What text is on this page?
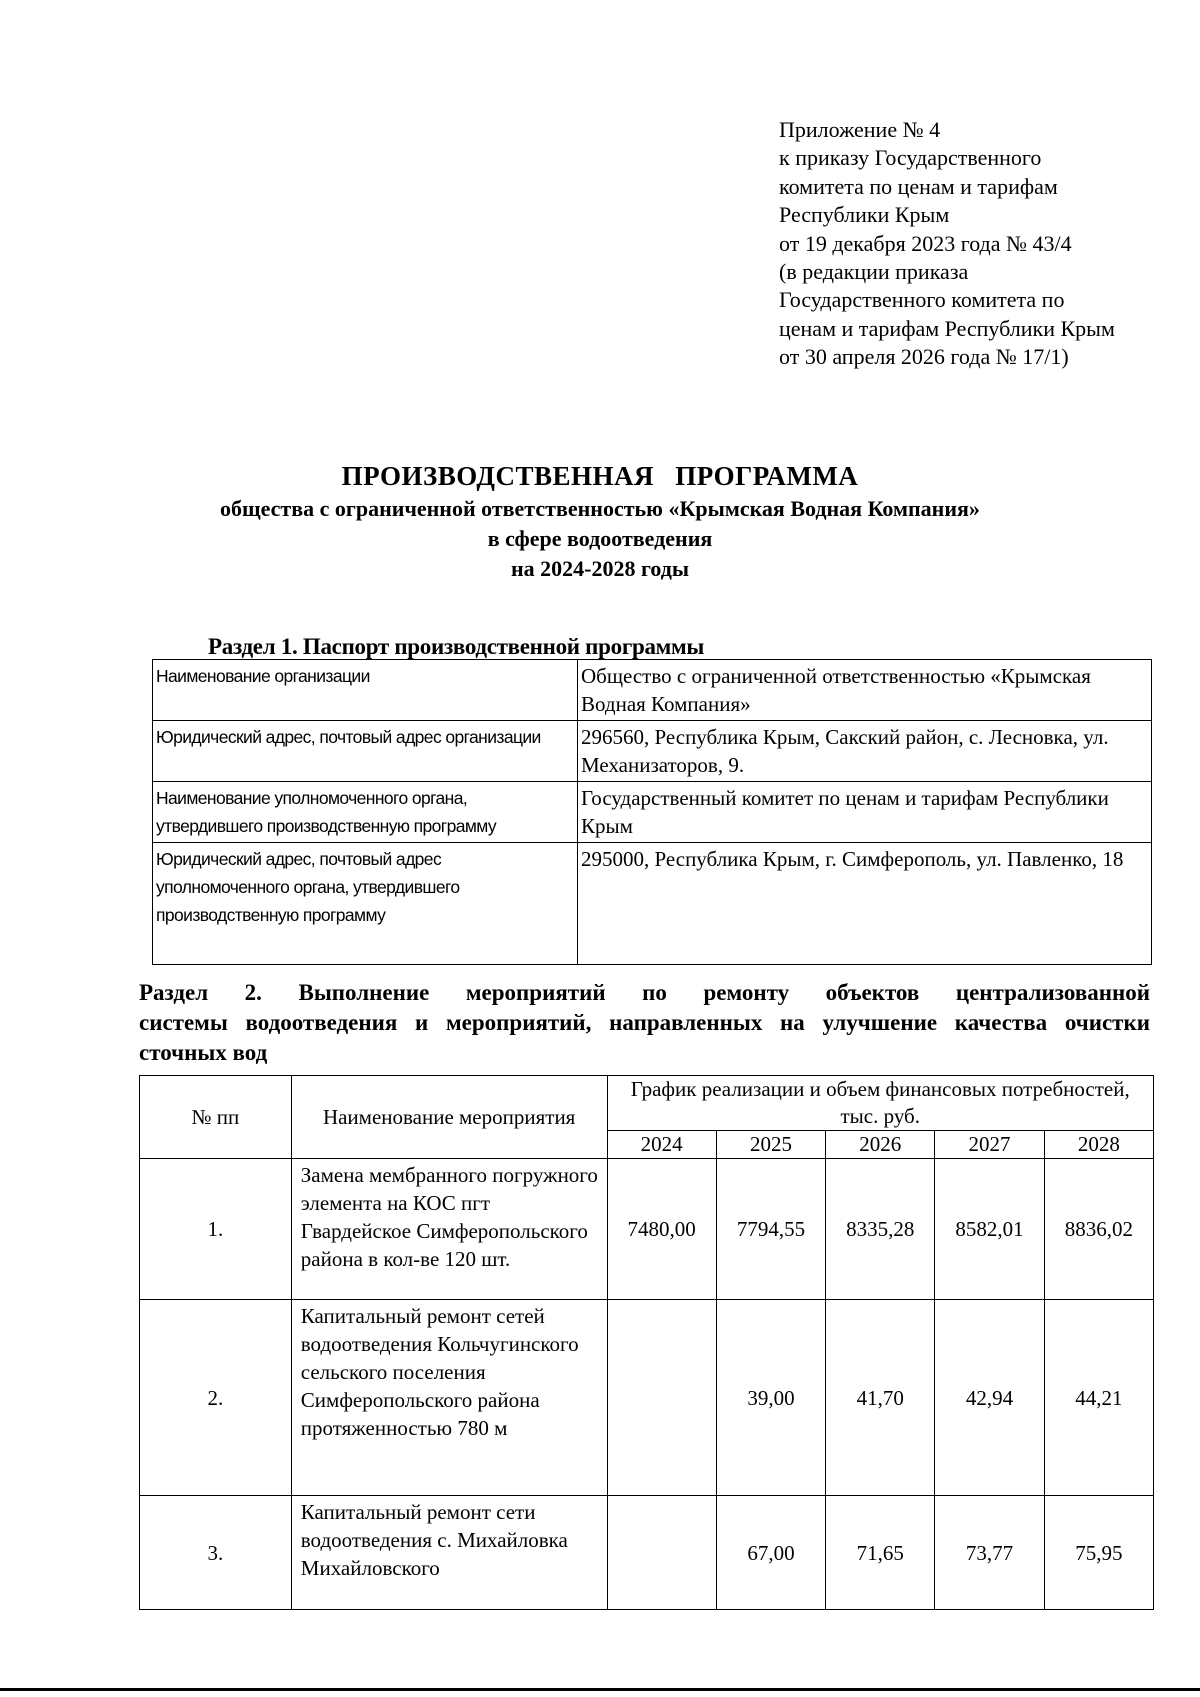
Приложение № 4
к приказу Государственного
комитета по ценам и тарифам
Республики Крым
от 19 декабря 2023 года № 43/4
(в редакции приказа
Государственного комитета по
ценам и тарифам Республики Крым
от 30 апреля 2026 года № 17/1)
ПРОИЗВОДСТВЕННАЯ ПРОГРАММА
общества с ограниченной ответственностью «Крымская Водная Компания»
в сфере водоотведения
на 2024-2028 годы
Раздел 1. Паспорт производственной программы
Наименование организации	Общество с ограниченной ответственностью «Крымская Водная Компания»
Юридический адрес, почтовый адрес организации	296560, Республика Крым, Сакский район, с. Лесновка, ул. Механизаторов, 9.
Наименование уполномоченного органа, утвердившего производственную программу	Государственный комитет по ценам и тарифам Республики Крым
Юридический адрес, почтовый адрес уполномоченного органа, утвердившего производственную программу	295000, Республика Крым, г. Симферополь, ул. Павленко, 18
Раздел 2. Выполнение мероприятий по ремонту объектов централизованной
системы водоотведения и мероприятий, направленных на улучшение качества очистки
сточных вод
№ пп	Наименование мероприятия	График реализации и объем финансовых потребностей, тыс. руб.				
		2024	2025	2026	2027	2028
1.	Замена мембранного погружного элемента на КОС пгт Гвардейское Симферопольского района в кол-ве 120 шт.	7480,00	7794,55	8335,28	8582,01	8836,02
2.	Капитальный ремонт сетей водоотведения Кольчугинского сельского поселения Симферопольского района протяженностью 780 м		39,00	41,70	42,94	44,21
3.	Капитальный ремонт сети водоотведения с. Михайловка Михайловского		67,00	71,65	73,77	75,95
